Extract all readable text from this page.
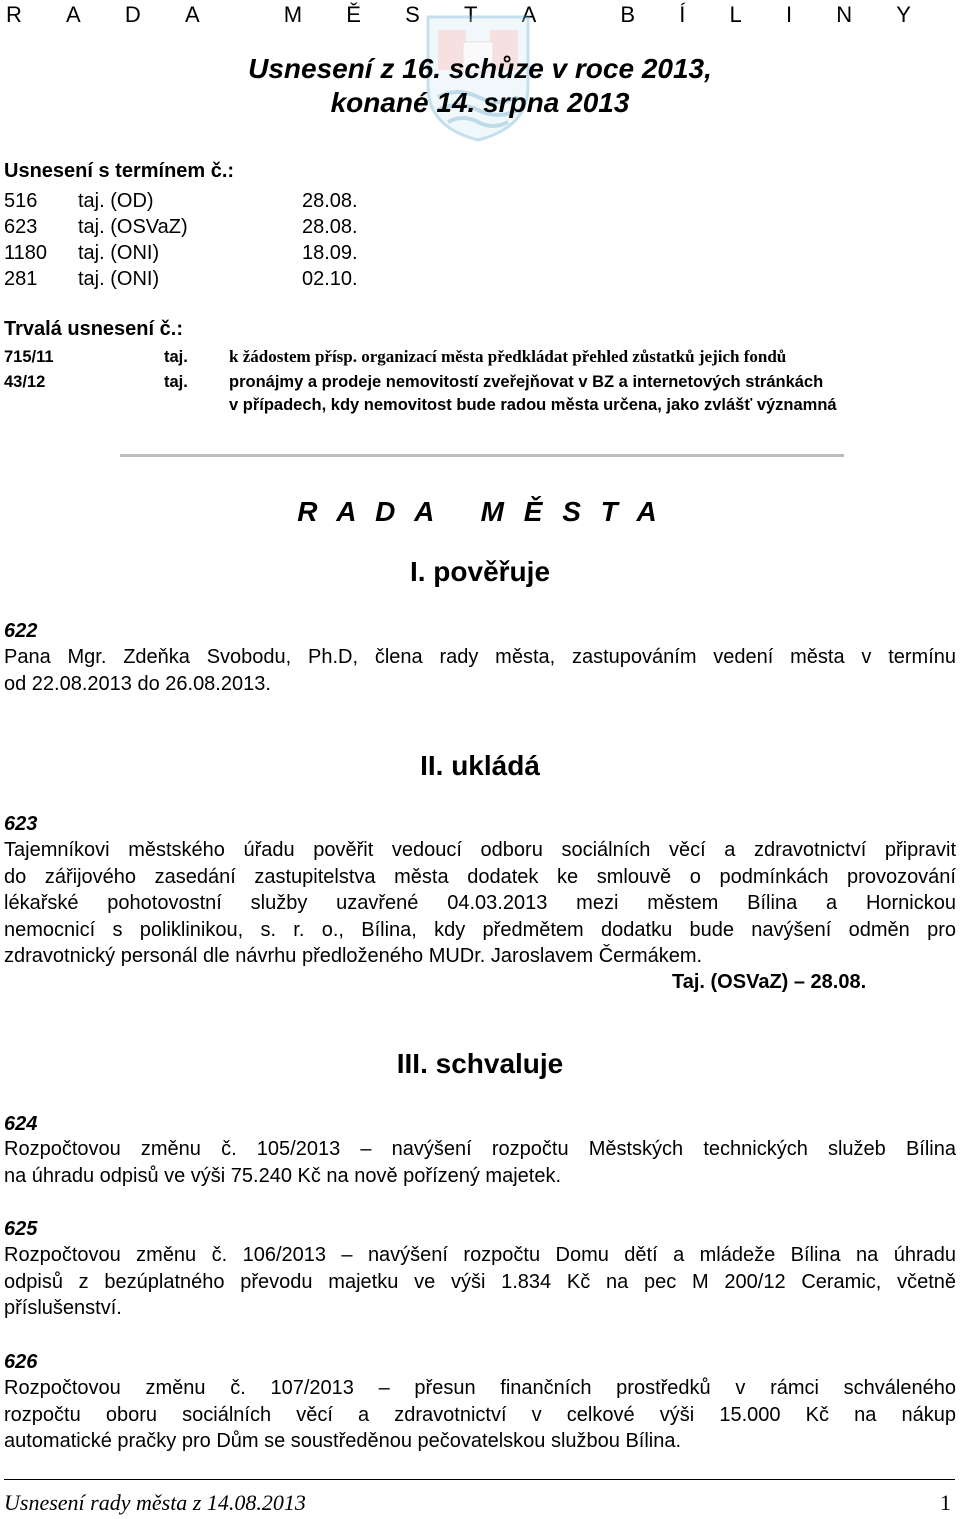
R A D A	M Ě S T A	B Í L I N Y
Usnesení z 16. schůze v roce 2013,
konané 14. srpna 2013
Usnesení s termínem č.:
516 taj. (OD)	28.08.
623 taj. (OSVaZ)	28.08.
1180 taj. (ONI)	18.09.
281 taj. (ONI)	02.10.
Trvalá usnesení č.:
715/11	taj. k žádostem přísp. organizací města předkládat přehled zůstatků jejich fondů
43/12	taj. pronájmy a prodeje nemovitostí zveřejňovat v BZ a internetových stránkách
v případech, kdy nemovitost bude radou města určena, jako zvlášť významná
R A D A   M Ě S T A
I. pověřuje
622
Pana Mgr. Zdeňka Svobodu, Ph.D, člena rady města, zastupováním vedení města v termínu
od 22.08.2013 do 26.08.2013.
II. ukládá
623
Tajemníkovi městského úřadu pověřit vedoucí odboru sociálních věcí a zdravotnictví připravit
do zářijového zasedání zastupitelstva města dodatek ke smlouvě o podmínkách provozování
lékařské pohotovostní služby uzavřené 04.03.2013 mezi městem Bílina a Hornickou
nemocnicí s poliklinikou, s. r. o., Bílina, kdy předmětem dodatku bude navýšení odměn pro
zdravotnický personál dle návrhu předloženého MUDr. Jaroslavem Čermákem.
Taj. (OSVaZ) – 28.08.
III. schvaluje
624
Rozpočtovou změnu č. 105/2013 – navýšení rozpočtu Městských technických služeb Bílina
na úhradu odpisů ve výši 75.240 Kč na nově pořízený majetek.
625
Rozpočtovou změnu č. 106/2013 – navýšení rozpočtu Domu dětí a mládeže Bílina na úhradu
odpisů z bezúplatného převodu majetku ve výši 1.834 Kč na pec M 200/12 Ceramic, včetně
příslušenství.
626
Rozpočtovou změnu č. 107/2013 – přesun finančních prostředků v rámci schváleného
rozpočtu oboru sociálních věcí a zdravotnictví v celkové výši 15.000 Kč na nákup
automatické pračky pro Dům se soustředěnou pečovatelskou službou Bílina.
Usnesení rady města z 14.08.2013	1
